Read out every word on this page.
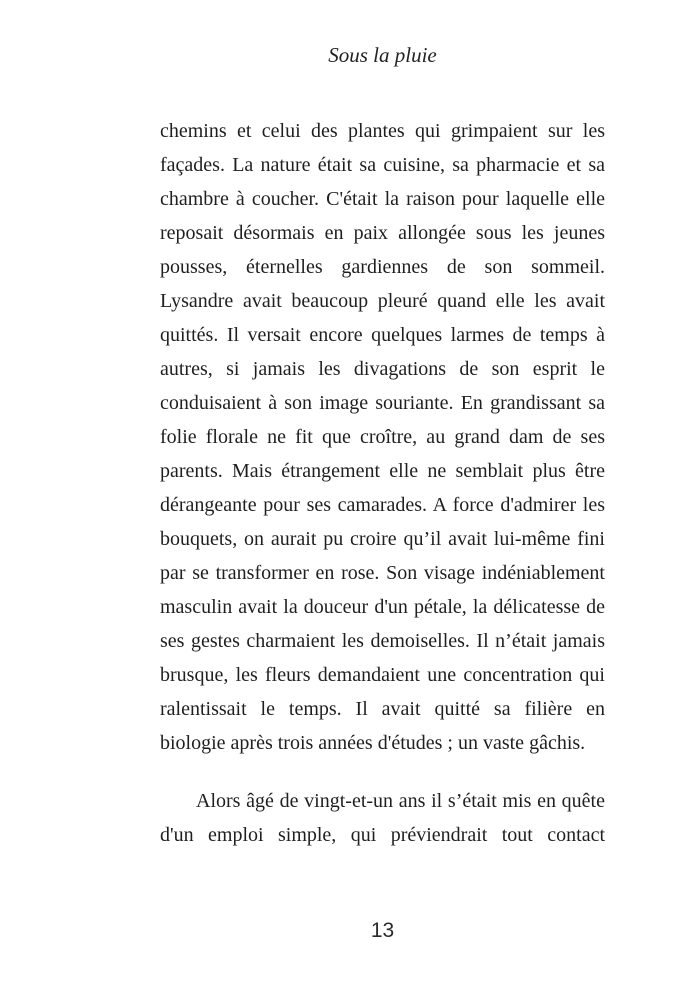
Sous la pluie
chemins et celui des plantes qui grimpaient sur les
façades. La nature était sa cuisine, sa pharmacie et sa
chambre à coucher. C'était la raison pour laquelle elle
reposait désormais en paix allongée sous les jeunes
pousses, éternelles gardiennes de son sommeil.
Lysandre avait beaucoup pleuré quand elle les avait
quittés. Il versait encore quelques larmes de temps à
autres, si jamais les divagations de son esprit le
conduisaient à son image souriante. En grandissant sa
folie florale ne fit que croître, au grand dam de ses
parents. Mais étrangement elle ne semblait plus être
dérangeante pour ses camarades. A force d'admirer les
bouquets, on aurait pu croire qu’il avait lui-même fini
par se transformer en rose. Son visage indéniablement
masculin avait la douceur d'un pétale, la délicatesse de
ses gestes charmaient les demoiselles. Il n’était jamais
brusque, les fleurs demandaient une concentration qui
ralentissait le temps. Il avait quitté sa filière en
biologie après trois années d'études ; un vaste gâchis.
Alors âgé de vingt-et-un ans il s’était mis en quête
d'un emploi simple, qui préviendrait tout contact
13
